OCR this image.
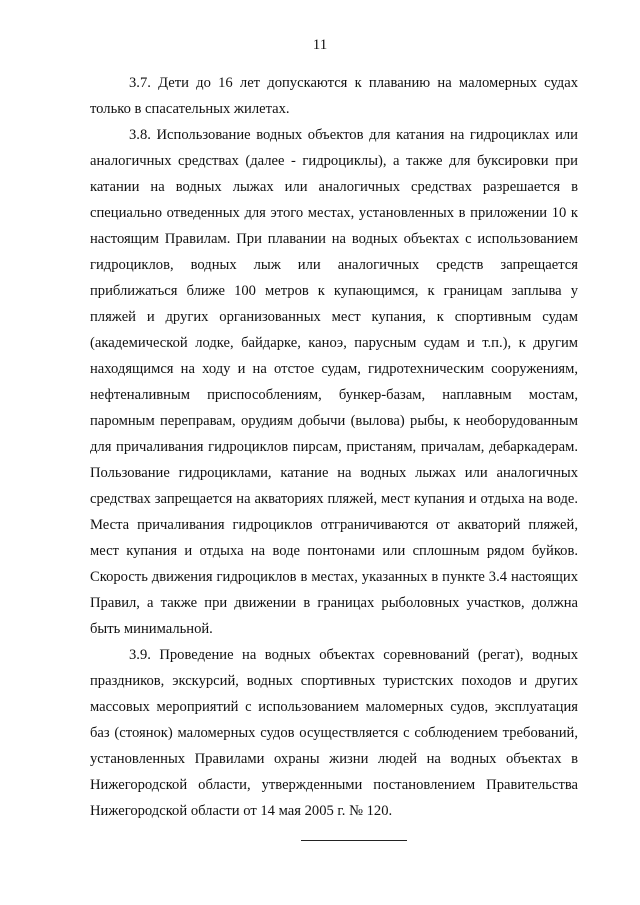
11

3.7. Дети до 16 лет допускаются к плаванию на маломерных судах только в спасательных жилетах.

3.8. Использование водных объектов для катания на гидроциклах или аналогичных средствах (далее - гидроциклы), а также для буксировки при катании на водных лыжах или аналогичных средствах разрешается в специально отведенных для этого местах, установленных в приложении 10 к настоящим Правилам. При плавании на водных объектах с использованием гидроциклов, водных лыж или аналогичных средств запрещается приближаться ближе 100 метров к купающимся, к границам заплыва у пляжей и других организованных мест купания, к спортивным судам (академической лодке, байдарке, каноэ, парусным судам и т.п.), к другим находящимся на ходу и на отстое судам, гидротехническим сооружениям, нефтеналивным приспособлениям, бункер-базам, наплавным мостам, паромным переправам, орудиям добычи (вылова) рыбы, к необорудованным для причаливания гидроциклов пирсам, пристаням, причалам, дебаркадерам. Пользование гидроциклами, катание на водных лыжах или аналогичных средствах запрещается на акваториях пляжей, мест купания и отдыха на воде. Места причаливания гидроциклов отграничиваются от акваторий пляжей, мест купания и отдыха на воде понтонами или сплошным рядом буйков. Скорость движения гидроциклов в местах, указанных в пункте 3.4 настоящих Правил, а также при движении в границах рыболовных участков, должна быть минимальной.

3.9. Проведение на водных объектах соревнований (регат), водных праздников, экскурсий, водных спортивных туристских походов и других массовых мероприятий с использованием маломерных судов, эксплуатация баз (стоянок) маломерных судов осуществляется с соблюдением требований, установленных Правилами охраны жизни людей на водных объектах в Нижегородской области, утвержденными постановлением Правительства Нижегородской области от 14 мая 2005 г. № 120.
